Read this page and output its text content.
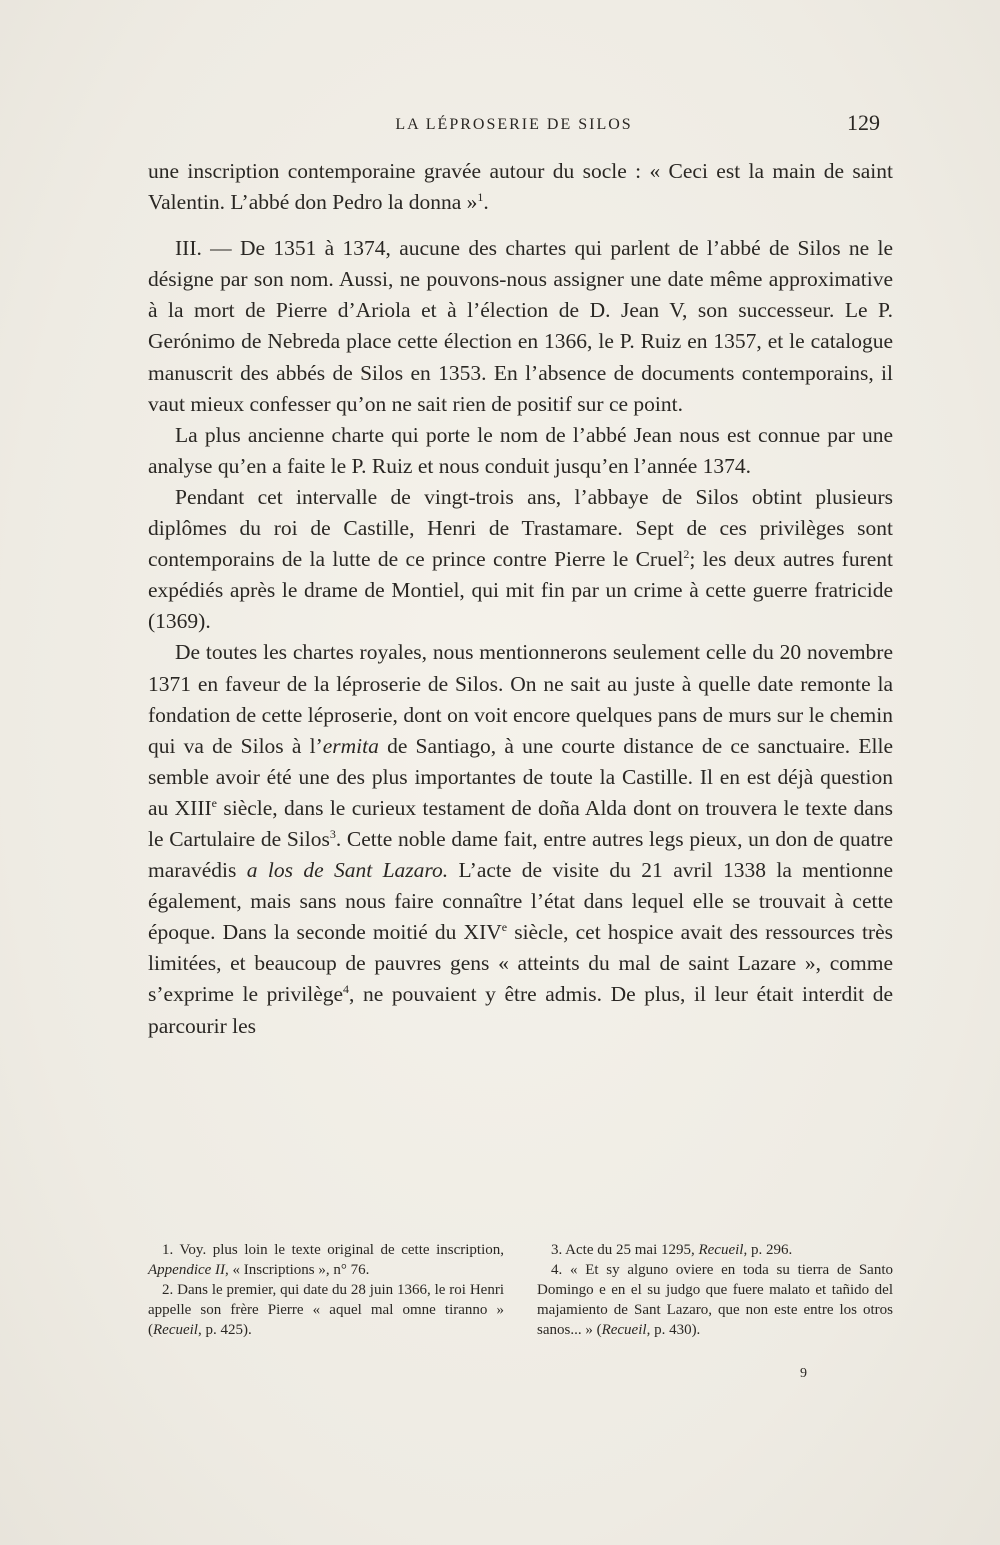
LA LÉPROSERIE DE SILOS	129

une inscription contemporaine gravée autour du socle : « Ceci est la main de saint Valentin. L’abbé don Pedro la donna »$^1$.

III. — De 1351 à 1374, aucune des chartes qui parlent de l’abbé de Silos ne le désigne par son nom. Aussi, ne pouvons-nous assigner une date même approximative à la mort de Pierre d’Ariola et à l’élection de D. Jean V, son successeur. Le P. Gerónimo de Nebreda place cette élection en 1366, le P. Ruiz en 1357, et le catalogue manuscrit des abbés de Silos en 1353. En l’absence de documents contemporains, il vaut mieux confesser qu’on ne sait rien de positif sur ce point.

La plus ancienne charte qui porte le nom de l’abbé Jean nous est connue par une analyse qu’en a faite le P. Ruiz et nous conduit jusqu’en l’année 1374.

Pendant cet intervalle de vingt-trois ans, l’abbaye de Silos obtint plusieurs diplômes du roi de Castille, Henri de Trastamare. Sept de ces privilèges sont contemporains de la lutte de ce prince contre Pierre le Cruel$^2$; les deux autres furent expédiés après le drame de Montiel, qui mit fin par un crime à cette guerre fratricide (1369).

De toutes les chartes royales, nous mentionnerons seulement celle du 20 novembre 1371 en faveur de la léproserie de Silos. On ne sait au juste à quelle date remonte la fondation de cette léproserie, dont on voit encore quelques pans de murs sur le chemin qui va de Silos à l’ermita de Santiago, à une courte distance de ce sanctuaire. Elle semble avoir été une des plus importantes de toute la Castille. Il en est déjà question au XIIIe siècle, dans le curieux testament de doña Alda dont on trouvera le texte dans le Cartulaire de Silos$^3$. Cette noble dame fait, entre autres legs pieux, un don de quatre maravédis a los de Sant Lazaro. L’acte de visite du 21 avril 1338 la mentionne également, mais sans nous faire connaître l’état dans lequel elle se trouvait à cette époque. Dans la seconde moitié du XIVe siècle, cet hospice avait des ressources très limitées, et beaucoup de pauvres gens « atteints du mal de saint Lazare », comme s’exprime le privilège$^4$, ne pouvaient y être admis. De plus, il leur était interdit de parcourir les

1. Voy. plus loin le texte original de cette inscription, Appendice II, « Inscriptions », n° 76.

2. Dans le premier, qui date du 28 juin 1366, le roi Henri appelle son frère Pierre « aquel mal omne tiranno » (Recueil, p. 425).

3. Acte du 25 mai 1295, Recueil, p. 296.

4. « Et sy alguno oviere en toda su tierra de Santo Domingo e en el su judgo que fuere malato et tañido del majamiento de Sant Lazaro, que non este entre los otros sanos... » (Recueil, p. 430).

9
